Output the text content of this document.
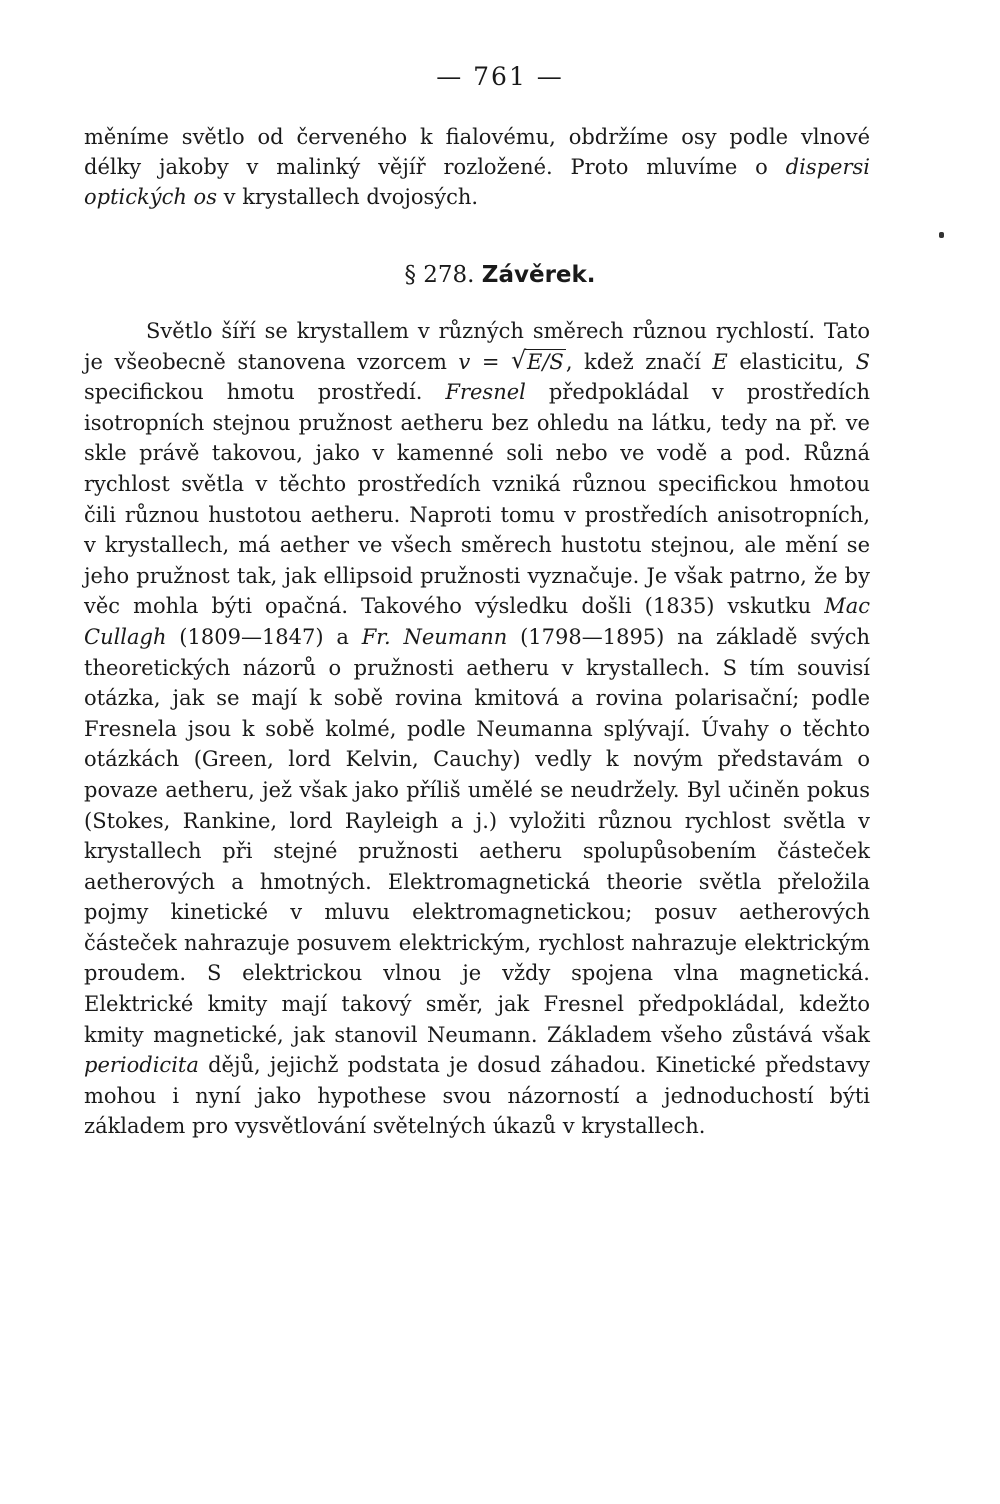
— 761 —
měníme světlo od červeného k fialovému, obdržíme osy podle vlnové délky jakoby v malinký vějíř rozložené. Proto mluvíme o dispersi optických os v krystallech dvojosých.
§ 278. Závěrek.
Světlo šíří se krystallem v různých směrech různou rychlostí. Tato je všeobecně stanovena vzorcem v = √ E/S, kdež značí E elasticitu, S specifickou hmotu prostředí. Fresnel předpokládal v prostředích isotropních stejnou pružnost aetheru bez ohledu na látku, tedy na př. ve skle právě takovou, jako v kamenné soli nebo ve vodě a pod. Různá rychlost světla v těchto prostředích vzniká různou specifickou hmotou čili různou hustotou aetheru. Naproti tomu v prostředích anisotropních, v krystallech, má aether ve všech směrech hustotu stejnou, ale mění se jeho pružnost tak, jak ellipsoid pružnosti vyznačuje. Je však patrno, že by věc mohla býti opačná. Takového výsledku došli (1835) vskutku Mac Cullagh (1809—1847) a Fr. Neumann (1798—1895) na základě svých theoretických názorů o pružnosti aetheru v krystallech. S tím souvisí otázka, jak se mají k sobě rovina kmitová a rovina polarisační; podle Fresnela jsou k sobě kolmé, podle Neumanna splývají. Úvahy o těchto otázkách (Green, lord Kelvin, Cauchy) vedly k novým představám o povaze aetheru, jež však jako příliš umělé se neudržely. Byl učiněn pokus (Stokes, Rankine, lord Rayleigh a j.) vyložiti různou rychlost světla v krystallech při stejné pružnosti aetheru spolupůsobením částeček aetherových a hmotných. Elektromagnetická theorie světla přeložila pojmy kinetické v mluvu elektromagnetickou; posuv aetherových částeček nahrazuje posuvem elektrickým, rychlost nahrazuje elektrickým proudem. S elektrickou vlnou je vždy spojena vlna magnetická. Elektrické kmity mají takový směr, jak Fresnel předpokládal, kdežto kmity magnetické, jak stanovil Neumann. Základem všeho zůstává však periodicita dějů, jejichž podstata je dosud záhadou. Kinetické představy mohou i nyní jako hypothese svou názorností a jednoduchostí býti základem pro vysvětlování světelných úkazů v krystallech.
